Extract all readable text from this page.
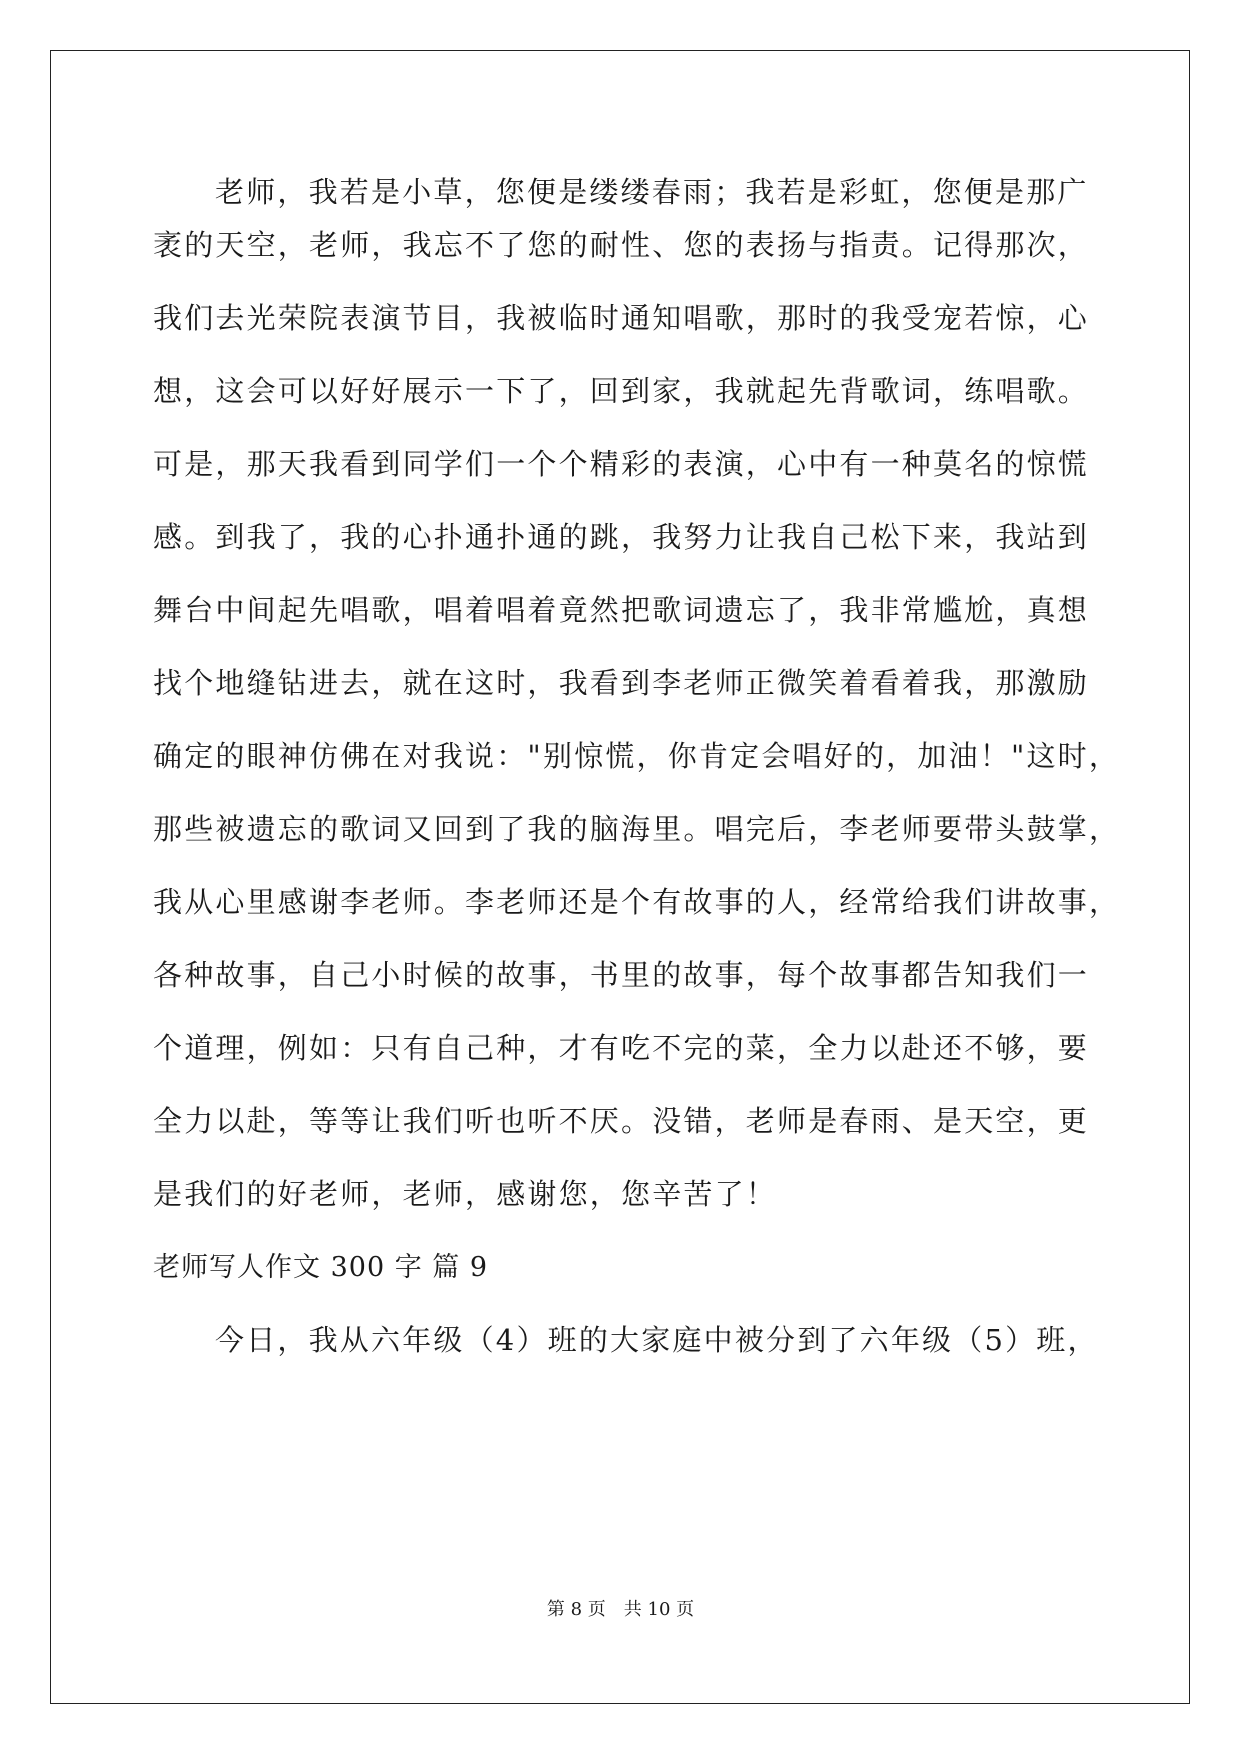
老师，我若是小草，您便是缕缕春雨；我若是彩虹，您便是那广
袤的天空，老师，我忘不了您的耐性、您的表扬与指责。记得那次，
我们去光荣院表演节目，我被临时通知唱歌，那时的我受宠若惊，心
想，这会可以好好展示一下了，回到家，我就起先背歌词，练唱歌。
可是，那天我看到同学们一个个精彩的表演，心中有一种莫名的惊慌
感。到我了，我的心扑通扑通的跳，我努力让我自己松下来，我站到
舞台中间起先唱歌，唱着唱着竟然把歌词遗忘了，我非常尴尬，真想
找个地缝钻进去，就在这时，我看到李老师正微笑着看着我，那激励
确定的眼神仿佛在对我说："别惊慌，你肯定会唱好的，加油！"这时，
那些被遗忘的歌词又回到了我的脑海里。唱完后，李老师要带头鼓掌，
我从心里感谢李老师。李老师还是个有故事的人，经常给我们讲故事，
各种故事，自己小时候的故事，书里的故事，每个故事都告知我们一
个道理，例如：只有自己种，才有吃不完的菜，全力以赴还不够，要
全力以赴，等等让我们听也听不厌。没错，老师是春雨、是天空，更
是我们的好老师，老师，感谢您，您辛苦了！
老师写人作文 300 字 篇 9
今日，我从六年级（4）班的大家庭中被分到了六年级（5）班，
第 8 页　共 10 页
